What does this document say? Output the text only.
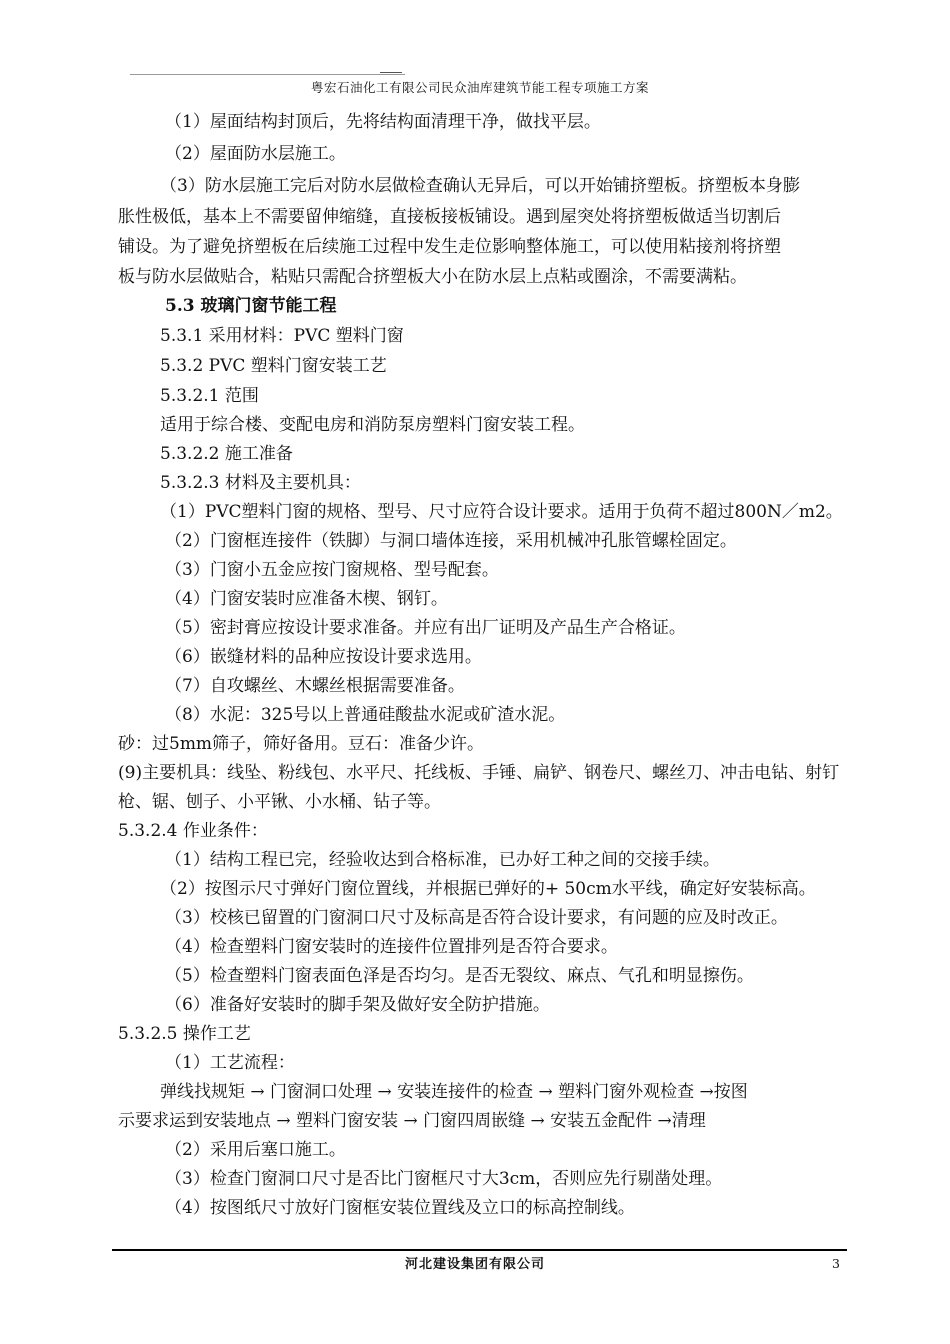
粤宏石油化工有限公司民众油库建筑节能工程专项施工方案
（1）屋面结构封顶后，先将结构面清理干净，做找平层。
（2）屋面防水层施工。
（3）防水层施工完后对防水层做检查确认无异后，可以开始铺挤塑板。挤塑板本身膨
胀性极低，基本上不需要留伸缩缝，直接板接板铺设。遇到屋突处将挤塑板做适当切割后
铺设。为了避免挤塑板在后续施工过程中发生走位影响整体施工，可以使用粘接剂将挤塑
板与防水层做贴合，粘贴只需配合挤塑板大小在防水层上点粘或圈涂，不需要满粘。
5.3 玻璃门窗节能工程
5.3.1 采用材料：PVC 塑料门窗
5.3.2 PVC 塑料门窗安装工艺
5.3.2.1 范围
适用于综合楼、变配电房和消防泵房塑料门窗安装工程。
5.3.2.2 施工准备
5.3.2.3 材料及主要机具：
（1）PVC塑料门窗的规格、型号、尺寸应符合设计要求。适用于负荷不超过800N／m2。
（2）门窗框连接件（铁脚）与洞口墙体连接，采用机械冲孔胀管螺栓固定。
（3）门窗小五金应按门窗规格、型号配套。
（4）门窗安装时应准备木楔、钢钉。
（5）密封膏应按设计要求准备。并应有出厂证明及产品生产合格证。
（6）嵌缝材料的品种应按设计要求选用。
（7）自攻螺丝、木螺丝根据需要准备。
（8）水泥：325号以上普通硅酸盐水泥或矿渣水泥。
砂：过5mm筛子，筛好备用。豆石：准备少许。
(9)主要机具：线坠、粉线包、水平尺、托线板、手锤、扁铲、钢卷尺、螺丝刀、冲击电钻、射钉
枪、锯、刨子、小平锹、小水桶、钻子等。
5.3.2.4 作业条件：
（1）结构工程已完，经验收达到合格标准，已办好工种之间的交接手续。
（2）按图示尺寸弹好门窗位置线，并根据已弹好的+ 50cm水平线，确定好安装标高。
（3）校核已留置的门窗洞口尺寸及标高是否符合设计要求，有问题的应及时改正。
（4）检查塑料门窗安装时的连接件位置排列是否符合要求。
（5）检查塑料门窗表面色泽是否均匀。是否无裂纹、麻点、气孔和明显擦伤。
（6）准备好安装时的脚手架及做好安全防护措施。
5.3.2.5 操作工艺
（1）工艺流程：
弹线找规矩 → 门窗洞口处理 → 安装连接件的检查 → 塑料门窗外观检查 →按图
示要求运到安装地点 → 塑料门窗安装 → 门窗四周嵌缝 → 安装五金配件 →清理
（2）采用后塞口施工。
（3）检查门窗洞口尺寸是否比门窗框尺寸大3cm，否则应先行剔凿处理。
（4）按图纸尺寸放好门窗框安装位置线及立口的标高控制线。
河北建设集团有限公司	3
